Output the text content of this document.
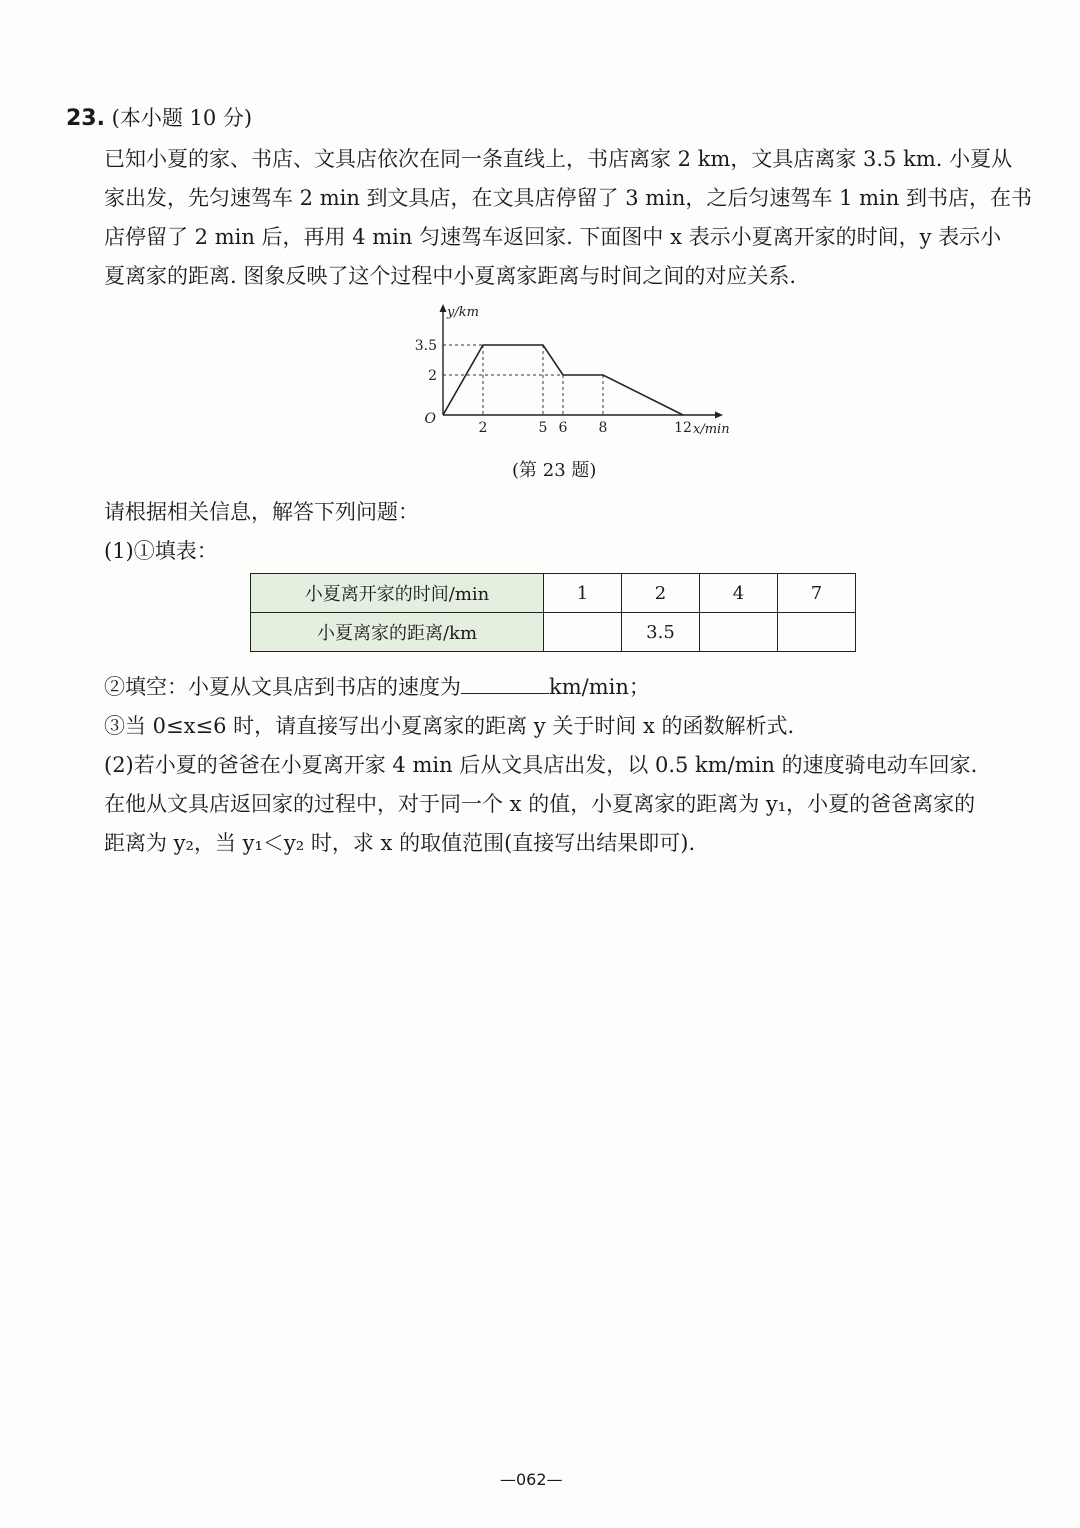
23. (本小题 10 分)
已知小夏的家、书店、文具店依次在同一条直线上，书店离家 2 km，文具店离家 3.5 km. 小夏从
家出发，先匀速驾车 2 min 到文具店，在文具店停留了 3 min，之后匀速驾车 1 min 到书店，在书
店停留了 2 min 后，再用 4 min 匀速驾车返回家. 下面图中 x 表示小夏离开家的时间，y 表示小
夏离家的距离. 图象反映了这个过程中小夏离家距离与时间之间的对应关系.
2	5 6 8	12
3.5
2
O
x/min
y/km
(第 23 题)
请根据相关信息，解答下列问题：
(1)①填表：
小夏离开家的时间/min	1	2	4	7
小夏离家的距离/km		3.5		
②填空：小夏从文具店到书店的速度为	km/min；
③当 0≤x≤6 时，请直接写出小夏离家的距离 y 关于时间 x 的函数解析式.
(2)若小夏的爸爸在小夏离开家 4 min 后从文具店出发，以 0.5 km/min 的速度骑电动车回家.
在他从文具店返回家的过程中，对于同一个 x 的值，小夏离家的距离为 y₁，小夏的爸爸离家的
距离为 y₂，当 y₁＜y₂ 时，求 x 的取值范围(直接写出结果即可).
—062—
